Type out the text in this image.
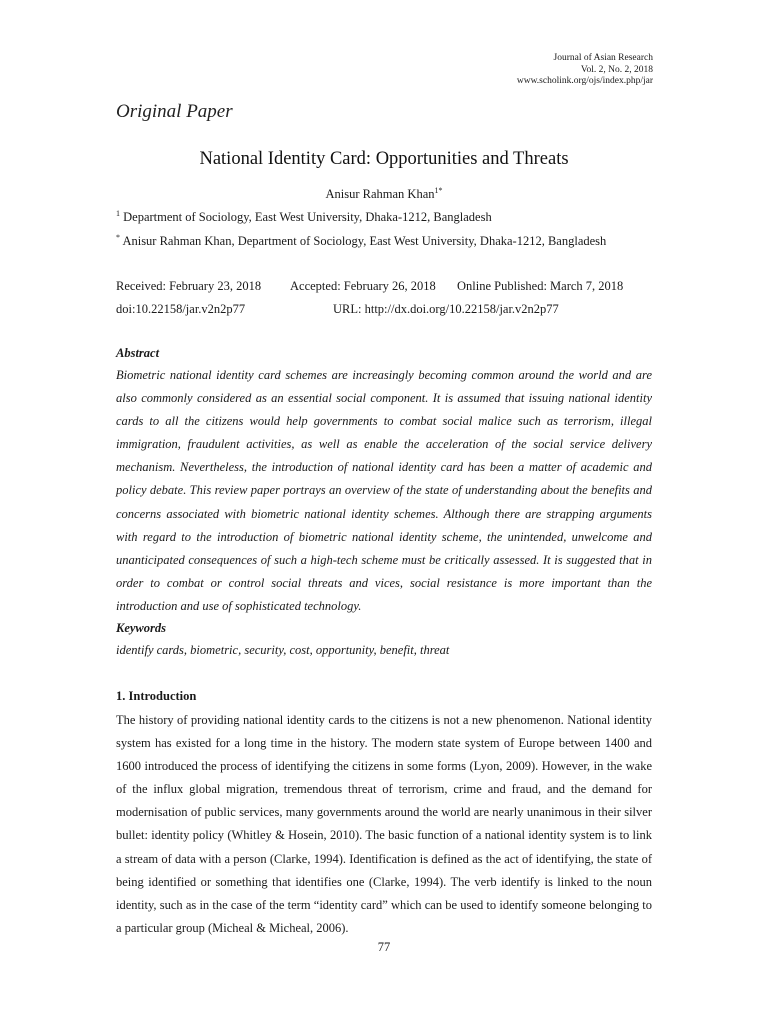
Journal of Asian Research
Vol. 2, No. 2, 2018
www.scholink.org/ojs/index.php/jar
Original Paper
National Identity Card: Opportunities and Threats
Anisur Rahman Khan$^{1*}$
$^1$ Department of Sociology, East West University, Dhaka-1212, Bangladesh
* Anisur Rahman Khan, Department of Sociology, East West University, Dhaka-1212, Bangladesh

Received: February 23, 2018

Accepted: February 26, 2018

Online Published: March 7, 2018

doi:10.22158/jar.v2n2p77

	URL: http://dx.doi.org/10.22158/jar.v2n2p77

Abstract
Biometric national identity card schemes are increasingly becoming common around the world and are also commonly considered as an essential social component. It is assumed that issuing national identity cards to all the citizens would help governments to combat social malice such as terrorism, illegal immigration, fraudulent activities, as well as enable the acceleration of the social service delivery mechanism. Nevertheless, the introduction of national identity card has been a matter of academic and policy debate. This review paper portrays an overview of the state of understanding about the benefits and concerns associated with biometric national identity schemes. Although there are strapping arguments with regard to the introduction of biometric national identity scheme, the unintended, unwelcome and unanticipated consequences of such a high-tech scheme must be critically assessed. It is suggested that in order to combat or control social threats and vices, social resistance is more important than the introduction and use of sophisticated technology.
Keywords
identify cards, biometric, security, cost, opportunity, benefit, threat
1. Introduction
The history of providing national identity cards to the citizens is not a new phenomenon. National identity system has existed for a long time in the history. The modern state system of Europe between 1400 and 1600 introduced the process of identifying the citizens in some forms (Lyon, 2009). However, in the wake of the influx global migration, tremendous threat of terrorism, crime and fraud, and the demand for modernisation of public services, many governments around the world are nearly unanimous in their silver bullet: identity policy (Whitley & Hosein, 2010). The basic function of a national identity system is to link a stream of data with a person (Clarke, 1994). Identification is defined as the act of identifying, the state of being identified or something that identifies one (Clarke, 1994). The verb identify is linked to the noun identity, such as in the case of the term “identity card” which can be used to identify someone belonging to a particular group (Micheal & Micheal, 2006).
77
